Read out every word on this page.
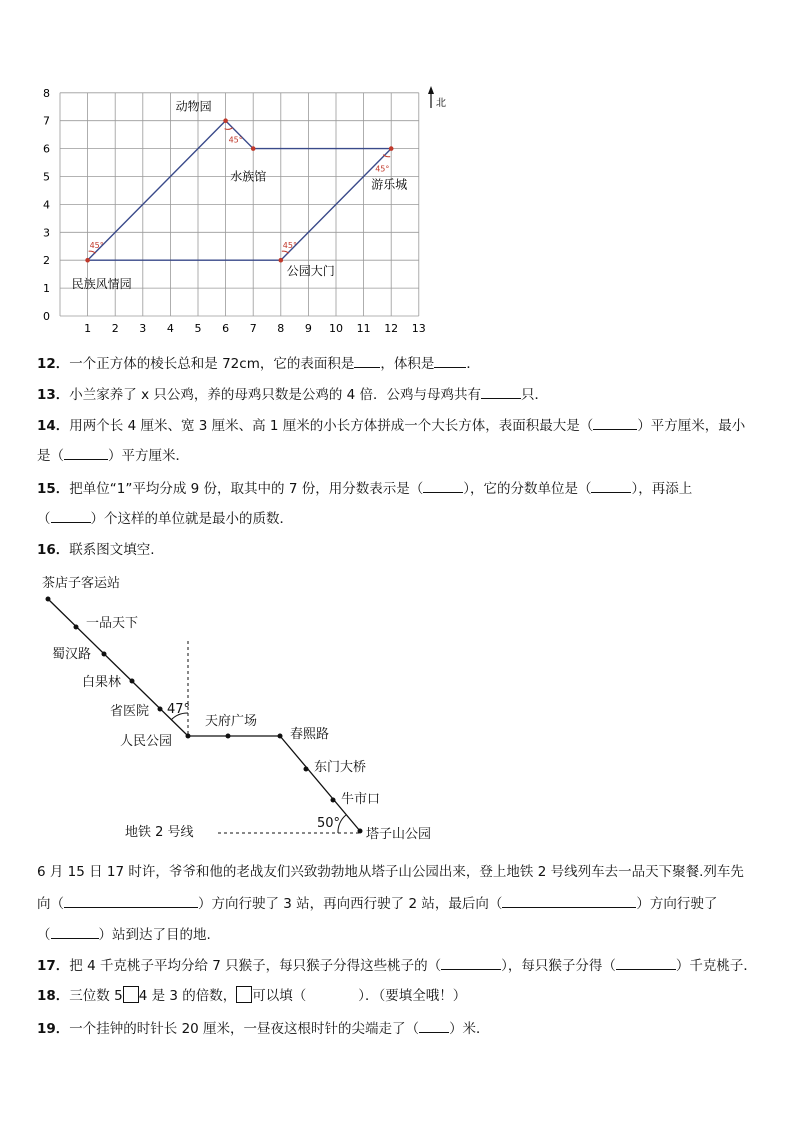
1 2 3 4 5 6 7 8 9 10 11 12 13
0
1
2
3
4
5
6
7
8
45°	45°
45°
45°
动物园
水族馆
游乐城
公园大门
民族风情园
北
12．一个正方体的棱长总和是 72cm，它的表面积是 ，体积是 ．
13．小兰家养了 x 只公鸡，养的母鸡只数是公鸡的 4 倍．公鸡与母鸡共有	只．
14．用两个长 4 厘米、宽 3 厘米、高 1 厘米的小长方体拼成一个大长方体，表面积最大是（	）平方厘米，最小
是（	）平方厘米．
15．把单位“1”平均分成 9 份，取其中的 7 份，用分数表示是（	），它的分数单位是（	），再添上
（	）个这样的单位就是最小的质数．
16．联系图文填空.
47°
50°
茶店子客运站
一品天下
蜀汉路
白果林
省医院
人民公园
天府广场
春熙路
东门大桥
牛市口
塔子山公园
地铁 2 号线
6 月 15 日 17 时许，爷爷和他的老战友们兴致勃勃地从塔子山公园出来，登上地铁 2 号线列车去一品天下聚餐.列车先
向（	）方向行驶了 3 站，再向西行驶了 2 站，最后向（	）方向行驶了
（	）站到达了目的地.
17．把 4 千克桃子平均分给 7 只猴子，每只猴子分得这些桃子的（	），每只猴子分得（	）千克桃子．
18．三位数 5 4 是 3 的倍数， 可以填（	）．（要填全哦！）
19．一个挂钟的时针长 20 厘米，一昼夜这根时针的尖端走了（ ）米．
